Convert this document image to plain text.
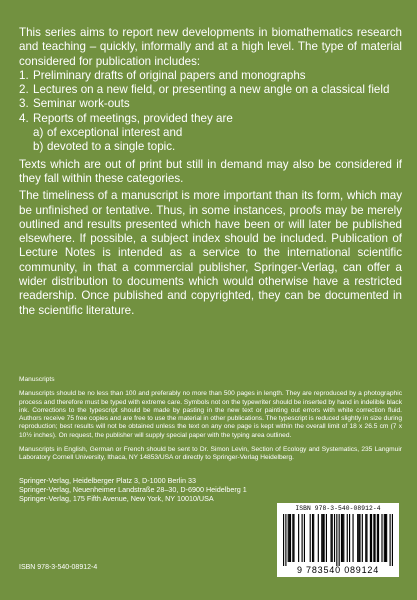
This series aims to report new developments in biomathematics research and teaching – quickly, informally and at a high level. The type of material considered for publication includes:

1. Preliminary drafts of original papers and monographs
2. Lectures on a new field, or presenting a new angle on a classical field
3. Seminar work-outs
4. Reports of meetings, provided they are
a) of exceptional interest and
b) devoted to a single topic.

Texts which are out of print but still in demand may also be considered if they fall within these categories.

The timeliness of a manuscript is more important than its form, which may be unfinished or tentative. Thus, in some instances, proofs may be merely outlined and results presented which have been or will later be published elsewhere. If possible, a subject index should be included. Publication of Lecture Notes is intended as a service to the international scientific community, in that a commercial publisher, Springer-Verlag, can offer a wider distribution to documents which would otherwise have a restricted readership. Once published and copyrighted, they can be documented in the scientific literature.

Manuscripts

Manuscripts should be no less than 100 and preferably no more than 500 pages in length. They are reproduced by a photographic process and therefore must be typed with extreme care. Symbols not on the typewriter should be inserted by hand in indelible black ink. Corrections to the typescript should be made by pasting in the new text or painting out errors with white correction fluid. Authors receive 75 free copies and are free to use the material in other publications. The typescript is reduced slightly in size during reproduction; best results will not be obtained unless the text on any one page is kept within the overall limit of 18 x 26.5 cm (7 x 10½ inches). On request, the publisher will supply special paper with the typing area outlined.

Manuscripts in English, German or French should be sent to Dr. Simon Levin, Section of Ecology and Systematics, 235 Langmuir Laboratory Cornell University, Ithaca, NY 14853/USA or directly to Springer-Verlag Heidelberg.

Springer-Verlag, Heidelberger Platz 3, D-1000 Berlin 33
Springer-Verlag, Neuenheimer Landstraße 28–30, D-6900 Heidelberg 1
Springer-Verlag, 175 Fifth Avenue, New York, NY 10010/USA
ISBN 978-3-540-08912-4
ISBN 978-3-540-08912-4
9 783540 089124
